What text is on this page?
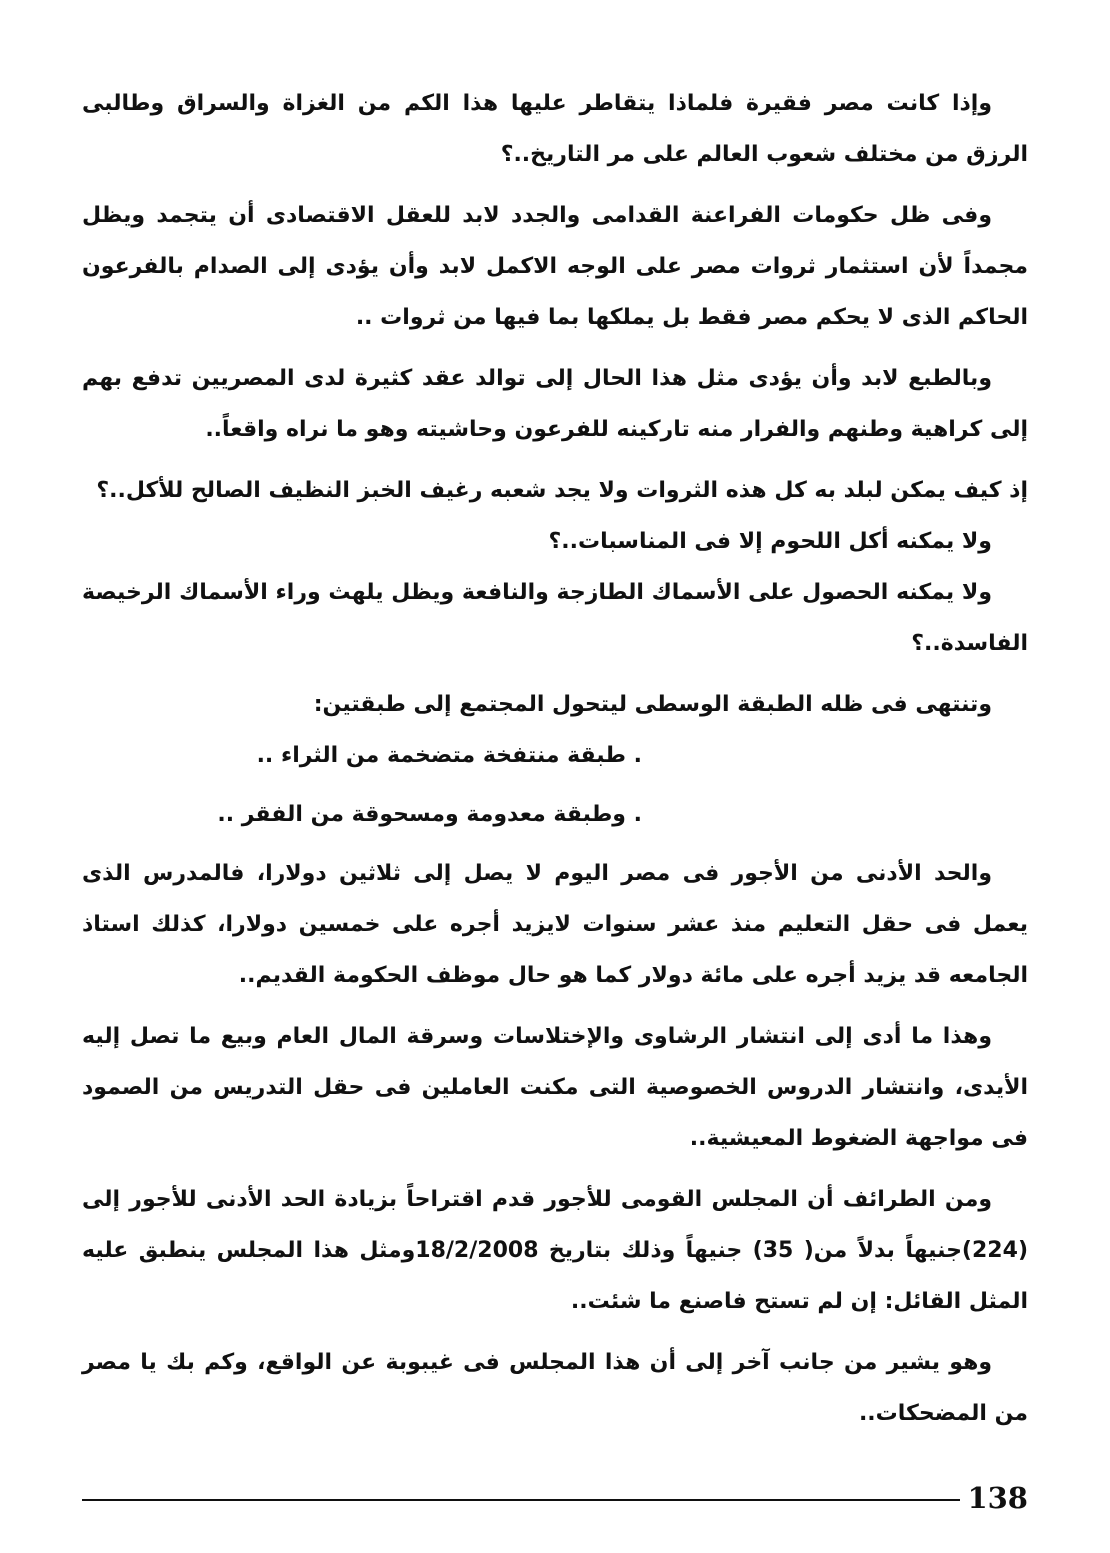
وإذا كانت مصر فقيرة فلماذا يتقاطر عليها هذا الكم من الغزاة والسراق وطالبى الرزق من مختلف شعوب العالم على مر التاريخ..؟

وفى ظل حكومات الفراعنة القدامى والجدد لابد للعقل الاقتصادى أن يتجمد ويظل مجمداً لأن استثمار ثروات مصر على الوجه الاكمل لابد وأن يؤدى إلى الصدام بالفرعون الحاكم الذى لا يحكم مصر فقط بل يملكها بما فيها من ثروات ..

وبالطبع لابد وأن يؤدى مثل هذا الحال إلى توالد عقد كثيرة لدى المصريين تدفع بهم إلى كراهية وطنهم والفرار منه تاركينه للفرعون وحاشيته وهو ما نراه واقعاً..

إذ كيف يمكن لبلد به كل هذه الثروات ولا يجد شعبه رغيف الخبز النظيف الصالح للأكل..؟

ولا يمكنه أكل اللحوم إلا فى المناسبات..؟

ولا يمكنه الحصول على الأسماك الطازجة والنافعة ويظل يلهث وراء الأسماك الرخيصة الفاسدة..؟

وتنتهى فى ظله الطبقة الوسطى ليتحول المجتمع إلى طبقتين:

. طبقة منتفخة متضخمة من الثراء ..

. وطبقة معدومة ومسحوقة من الفقر ..

والحد الأدنى من الأجور فى مصر اليوم لا يصل إلى ثلاثين دولارا، فالمدرس الذى يعمل فى حقل التعليم منذ عشر سنوات لايزيد أجره على خمسين دولارا، كذلك استاذ الجامعه قد يزيد أجره على مائة دولار كما هو حال موظف الحكومة القديم..

وهذا ما أدى إلى انتشار الرشاوى والإختلاسات وسرقة المال العام وبيع ما تصل إليه الأيدى، وانتشار الدروس الخصوصية التى مكنت العاملين فى حقل التدريس من الصمود فى مواجهة الضغوط المعيشية..

ومن الطرائف أن المجلس القومى للأجور قدم اقتراحاً بزيادة الحد الأدنى للأجور إلى (224)جنيهاً بدلاً من( 35) جنيهاً وذلك بتاريخ 18/2/2008ومثل هذا المجلس ينطبق عليه المثل القائل: إن لم تستح فاصنع ما شئت..

وهو يشير من جانب آخر إلى أن هذا المجلس فى غيبوبة عن الواقع، وكم بك يا مصر من المضحكات..

138
